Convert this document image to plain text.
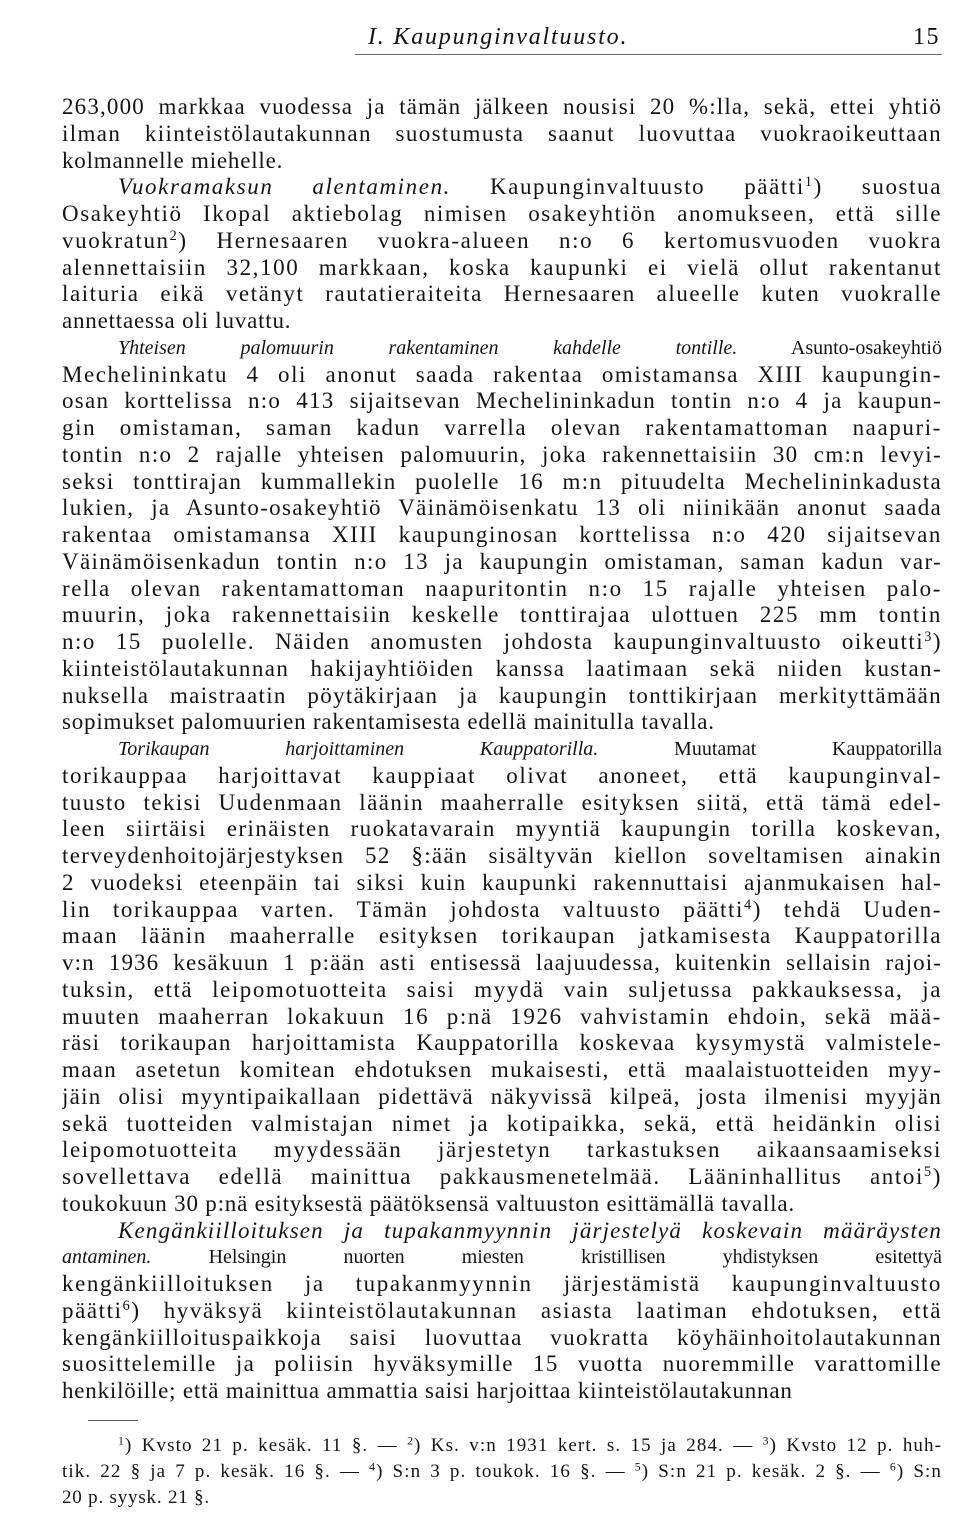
I. Kaupunginvaltuusto.	15
263,000 markkaa vuodessa ja tämän jälkeen nousisi 20 %:lla, sekä, ettei yhtiö
ilman kiinteistölautakunnan suostumusta saanut luovuttaa vuokraoikeuttaan
kolmannelle miehelle.
Vuokramaksun alentaminen. Kaupunginvaltuusto päätti$^1$) suostua
Osakeyhtiö Ikopal aktiebolag nimisen osakeyhtiön anomukseen, että sille
vuokratun$^2$) Hernesaaren vuokra-alueen n:o 6 kertomusvuoden vuokra
alennettaisiin 32,100 markkaan, koska kaupunki ei vielä ollut rakentanut
laituria eikä vetänyt rautatieraiteita Hernesaaren alueelle kuten vuokralle
annettaessa oli luvattu.
Yhteisen palomuurin rakentaminen kahdelle tontille. Asunto-osakeyhtiö
Mechelininkatu 4 oli anonut saada rakentaa omistamansa XIII kaupungin-
osan korttelissa n:o 413 sijaitsevan Mechelininkadun tontin n:o 4 ja kaupun-
gin omistaman, saman kadun varrella olevan rakentamattoman naapuri-
tontin n:o 2 rajalle yhteisen palomuurin, joka rakennettaisiin 30 cm:n levyi-
seksi tonttirajan kummallekin puolelle 16 m:n pituudelta Mechelininkadusta
lukien, ja Asunto-osakeyhtiö Väinämöisenkatu 13 oli niinikään anonut saada
rakentaa omistamansa XIII kaupunginosan korttelissa n:o 420 sijaitsevan
Väinämöisenkadun tontin n:o 13 ja kaupungin omistaman, saman kadun var-
rella olevan rakentamattoman naapuritontin n:o 15 rajalle yhteisen palo-
muurin, joka rakennettaisiin keskelle tonttirajaa ulottuen 225 mm tontin
n:o 15 puolelle. Näiden anomusten johdosta kaupunginvaltuusto oikeutti$^3$)
kiinteistölautakunnan hakijayhtiöiden kanssa laatimaan sekä niiden kustan-
nuksella maistraatin pöytäkirjaan ja kaupungin tonttikirjaan merkityttämään
sopimukset palomuurien rakentamisesta edellä mainitulla tavalla.
Torikaupan harjoittaminen Kauppatorilla. Muutamat Kauppatorilla
torikauppaa harjoittavat kauppiaat olivat anoneet, että kaupunginval-
tuusto tekisi Uudenmaan läänin maaherralle esityksen siitä, että tämä edel-
leen siirtäisi erinäisten ruokatavarain myyntiä kaupungin torilla koskevan,
terveydenhoitojärjestyksen 52 §:ään sisältyvän kiellon soveltamisen ainakin
2 vuodeksi eteenpäin tai siksi kuin kaupunki rakennuttaisi ajanmukaisen hal-
lin torikauppaa varten. Tämän johdosta valtuusto päätti$^4$) tehdä Uuden-
maan läänin maaherralle esityksen torikaupan jatkamisesta Kauppatorilla
v:n 1936 kesäkuun 1 p:ään asti entisessä laajuudessa, kuitenkin sellaisin rajoi-
tuksin, että leipomotuotteita saisi myydä vain suljetussa pakkauksessa, ja
muuten maaherran lokakuun 16 p:nä 1926 vahvistamin ehdoin, sekä mää-
räsi torikaupan harjoittamista Kauppatorilla koskevaa kysymystä valmistele-
maan asetetun komitean ehdotuksen mukaisesti, että maalaistuotteiden myy-
jäin olisi myyntipaikallaan pidettävä näkyvissä kilpeä, josta ilmenisi myyjän
sekä tuotteiden valmistajan nimet ja kotipaikka, sekä, että heidänkin olisi
leipomotuotteita myydessään järjestetyn tarkastuksen aikaansaamiseksi
sovellettava edellä mainittua pakkausmenetelmää. Lääninhallitus antoi$^5$)
toukokuun 30 p:nä esityksestä päätöksensä valtuuston esittämällä tavalla.
Kengänkiilloituksen ja tupakanmyynnin järjestelyä koskevain määräysten
antaminen. Helsingin nuorten miesten kristillisen yhdistyksen esitettyä
kengänkiilloituksen ja tupakanmyynnin järjestämistä kaupunginvaltuusto
päätti$^6$) hyväksyä kiinteistölautakunnan asiasta laatiman ehdotuksen, että
kengänkiilloituspaikkoja saisi luovuttaa vuokratta köyhäinhoitolautakunnan
suosittelemille ja poliisin hyväksymille 15 vuotta nuoremmille varattomille
henkilöille; että mainittua ammattia saisi harjoittaa kiinteistölautakunnan
$^1$) Kvsto 21 p. kesäk. 11 §. — $^2$) Ks. v:n 1931 kert. s. 15 ja 284. — $^3$) Kvsto 12 p. huh-
tik. 22 § ja 7 p. kesäk. 16 §. — $^4$) S:n 3 p. toukok. 16 §. — $^5$) S:n 21 p. kesäk. 2 §. — $^6$) S:n
20 p. syysk. 21 §.
